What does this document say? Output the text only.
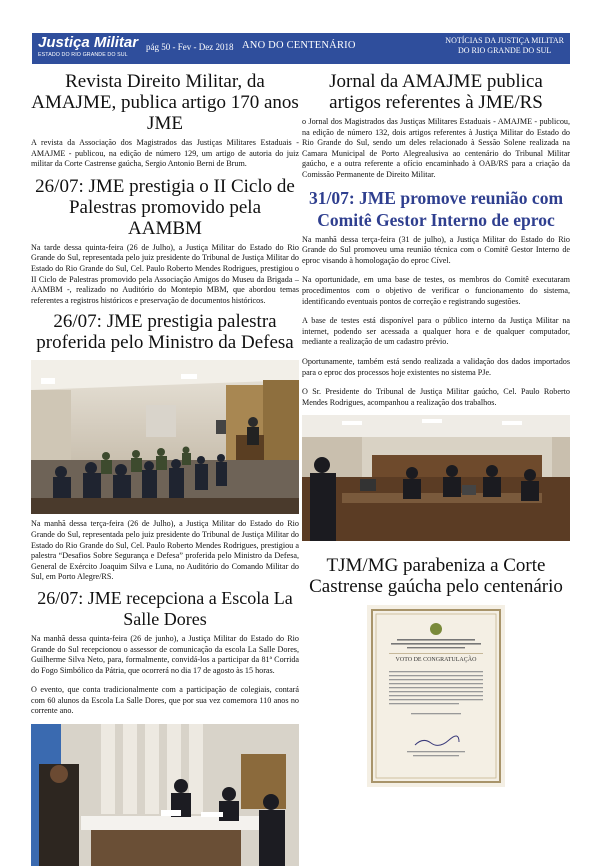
Justiça Militar
ESTADO DO RIO GRANDE DO SUL
pág 50 - Fev - Dez 2018 ANO DO CENTENÁRIO	NOTÍCIAS DA JUSTIÇA MILITAR
DO RIO GRANDE DO SUL
Revista Direito Militar, da AMAJME, publica artigo 170 anos JME

A revista da Associação dos Magistrados das Justiças Militares Estaduais - AMAJME - publicou, na edição de número 129, um artigo de autoria do juiz militar da Corte Castrense gaúcha, Sergio Antonio Berni de Brum.

26/07: JME prestigia o II Ciclo de Palestras promovido pela AAMBM

Na tarde dessa quinta-feira (26 de Julho), a Justiça Militar do Estado do Rio Grande do Sul, representada pelo juiz presidente do Tribunal de Justiça Militar do Estado do Rio Grande do Sul, Cel. Paulo Roberto Mendes Rodrigues, prestigiou o II Ciclo de Palestras promovido pela Associação Amigos do Museu da Brigada – AAMBM -, realizado no Auditório do Montepio MBM, que abordou temas referentes a registros históricos e preservação de documentos históricos.

26/07: JME prestigia palestra proferida pelo Ministro da Defesa

Na manhã dessa terça-feira (26 de Julho), a Justiça Militar do Estado do Rio Grande do Sul, representada pelo juiz presidente do Tribunal de Justiça Militar do Estado do Rio Grande do Sul, Cel. Paulo Roberto Mendes Rodrigues, prestigiou a palestra “Desafios Sobre Segurança e Defesa” proferida pelo Ministro da Defesa, General de Exército Joaquim Silva e Luna, no Auditório do Comando Militar do Sul, em Porto Alegre/RS.

26/07: JME recepciona a Escola La Salle Dores

Na manhã dessa quinta-feira (26 de junho), a Justiça Militar do Estado do Rio Grande do Sul recepcionou o assessor de comunicação da escola La Salle Dores, Guilherme Silva Neto, para, formalmente, convidá-los a participar da 81ª Corrida do Fogo Simbólico da Pátria, que ocorrerá no dia 17 de agosto às 15 horas.

O evento, que conta tradicionalmente com a participação de colegiais, contará com 60 alunos da Escola La Salle Dores, que por sua vez comemora 110 anos no corrente ano.

Jornal da AMAJME publica artigos referentes à JME/RS

o Jornal dos Magistrados das Justiças Militares Estaduais - AMAJME - publicou, na edição de número 132, dois artigos referentes à Justiça Militar do Estado do Rio Grande do Sul, sendo um deles relacionado à Sessão Solene realizada na Camara Municipal de Porto Alegrealusiva ao centenário do Tribunal Militar gaúcho, e a outra referente a ofício encaminhado à OAB/RS para a criação da Comissão Permanente de Direito Militar.

31/07: JME promove reunião com Comitê Gestor Interno de eproc

Na manhã dessa terça-feira (31 de julho), a Justiça Militar do Estado do Rio Grande do Sul promoveu uma reunião técnica com o Comitê Gestor Interno de eproc visando à homologação do eproc Cível.

Na oportunidade, em uma base de testes, os membros do Comitê executaram procedimentos com o objetivo de verificar o funcionamento do sistema, identificando eventuais pontos de correção e registrando sugestões.

A base de testes está disponível para o público interno da Justiça Militar na internet, podendo ser acessada a qualquer hora e de qualquer computador, mediante a realização de um cadastro prévio.

Oportunamente, também está sendo realizada a validação dos dados importados para o eproc dos processos hoje existentes no sistema PJe.

O Sr. Presidente do Tribunal de Justiça Militar gaúcho, Cel. Paulo Roberto Mendes Rodrigues, acompanhou a realização dos trabalhos.

TJM/MG parabeniza a Corte Castrense gaúcha pelo centenário
VOTO DE CONGRATULAÇÃO
